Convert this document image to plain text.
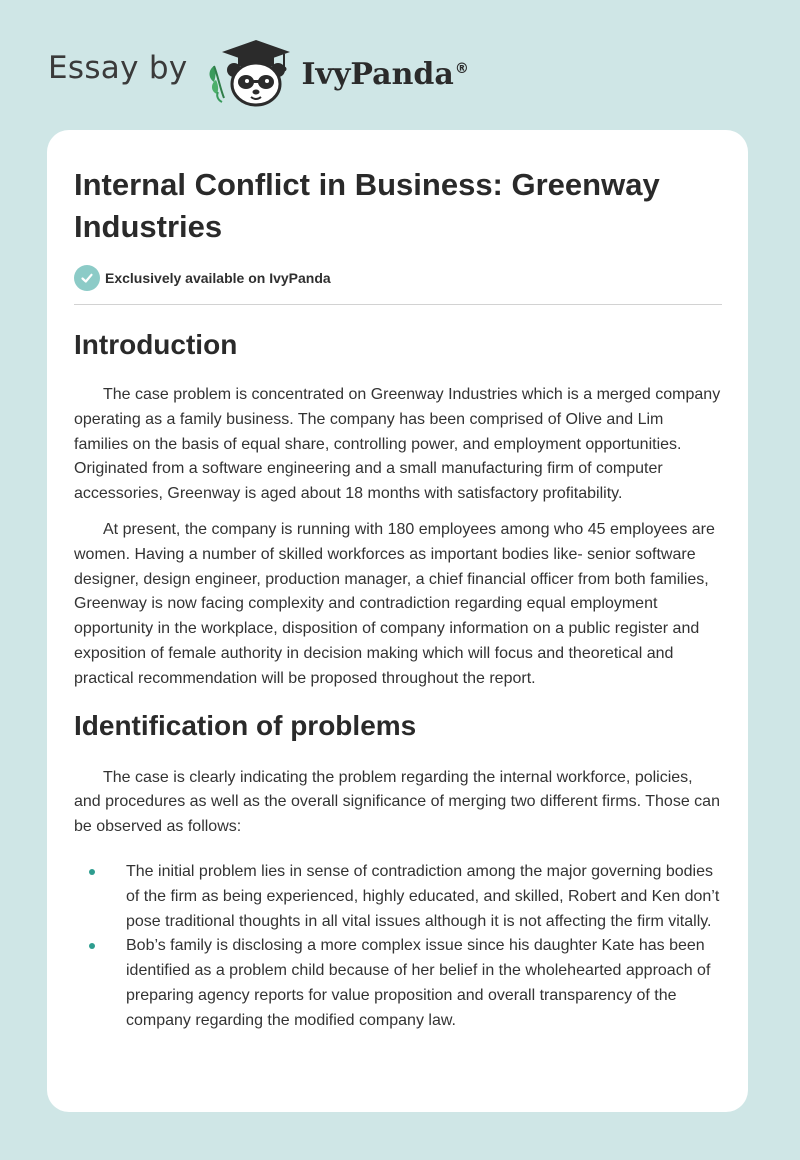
Essay by	IvyPanda®
Internal Conflict in Business: Greenway Industries
Exclusively available on IvyPanda
Introduction

The case problem is concentrated on Greenway Industries which is a merged company operating as a family business. The company has been comprised of Olive and Lim families on the basis of equal share, controlling power, and employment opportunities. Originated from a software engineering and a small manufacturing firm of computer accessories, Greenway is aged about 18 months with satisfactory profitability.

At present, the company is running with 180 employees among who 45 employees are women. Having a number of skilled workforces as important bodies like- senior software designer, design engineer, production manager, a chief financial officer from both families, Greenway is now facing complexity and contradiction regarding equal employment opportunity in the workplace, disposition of company information on a public register and exposition of female authority in decision making which will focus and theoretical and practical recommendation will be proposed throughout the report.

Identification of problems

The case is clearly indicating the problem regarding the internal workforce, policies, and procedures as well as the overall significance of merging two different firms. Those can be observed as follows:

The initial problem lies in sense of contradiction among the major governing bodies of the firm as being experienced, highly educated, and skilled, Robert and Ken don’t pose traditional thoughts in all vital issues although it is not affecting the firm vitally.
Bob’s family is disclosing a more complex issue since his daughter Kate has been identified as a problem child because of her belief in the wholehearted approach of preparing agency reports for value proposition and overall transparency of the company regarding the modified company law.
